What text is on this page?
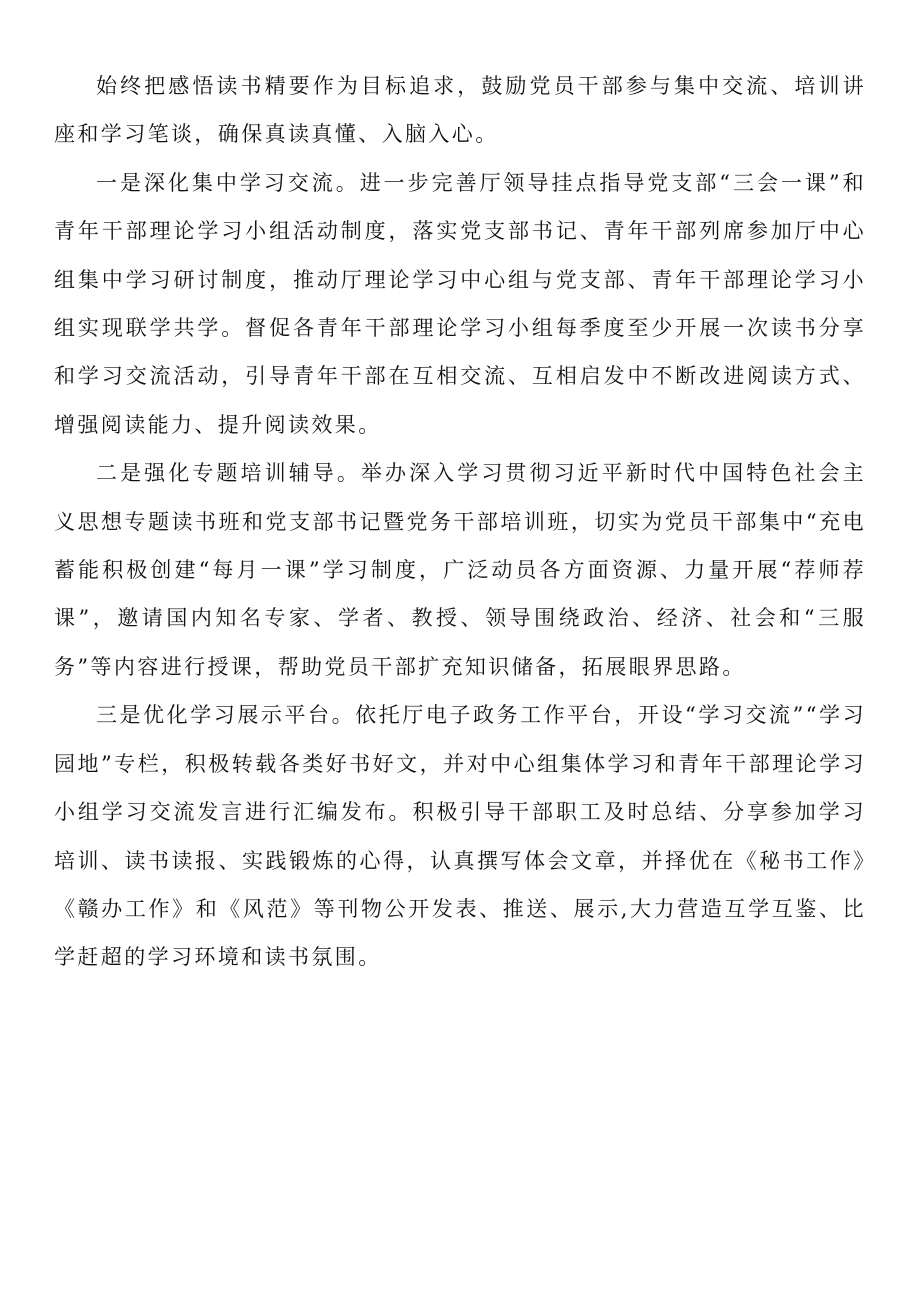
始终把感悟读书精要作为目标追求，鼓励党员干部参与集中交流、培训讲座和学习笔谈，确保真读真懂、入脑入心。

一是深化集中学习交流。进一步完善厅领导挂点指导党支部“三会一课”和青年干部理论学习小组活动制度，落实党支部书记、青年干部列席参加厅中心组集中学习研讨制度，推动厅理论学习中心组与党支部、青年干部理论学习小组实现联学共学。督促各青年干部理论学习小组每季度至少开展一次读书分享和学习交流活动，引导青年干部在互相交流、互相启发中不断改进阅读方式、增强阅读能力、提升阅读效果。

二是强化专题培训辅导。举办深入学习贯彻习近平新时代中国特色社会主义思想专题读书班和党支部书记暨党务干部培训班，切实为党员干部集中“充电蓄能积极创建“每月一课”学习制度，广泛动员各方面资源、力量开展“荐师荐课”，邀请国内知名专家、学者、教授、领导围绕政治、经济、社会和“三服务”等内容进行授课，帮助党员干部扩充知识储备，拓展眼界思路。

三是优化学习展示平台。依托厅电子政务工作平台，开设“学习交流”“学习园地”专栏，积极转载各类好书好文，并对中心组集体学习和青年干部理论学习小组学习交流发言进行汇编发布。积极引导干部职工及时总结、分享参加学习培训、读书读报、实践锻炼的心得，认真撰写体会文章，并择优在《秘书工作》《赣办工作》和《风范》等刊物公开发表、推送、展示,大力营造互学互鉴、比学赶超的学习环境和读书氛围。
